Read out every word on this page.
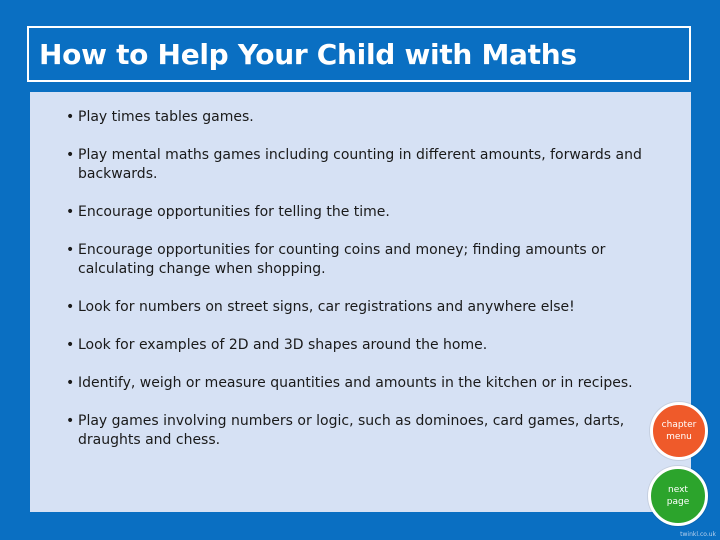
How to Help Your Child with Maths
• Play times tables games.
• Play mental maths games including counting in different amounts, forwards and backwards.
• Encourage opportunities for telling the time.
• Encourage opportunities for counting coins and money; finding amounts or calculating change when shopping.
• Look for numbers on street signs, car registrations and anywhere else!
• Look for examples of 2D and 3D shapes around the home.
• Identify, weigh or measure quantities and amounts in the kitchen or in recipes.
• Play games involving numbers or logic, such as dominoes, card games, darts, draughts and chess.
chapter menu
next page
twinkl.co.uk
